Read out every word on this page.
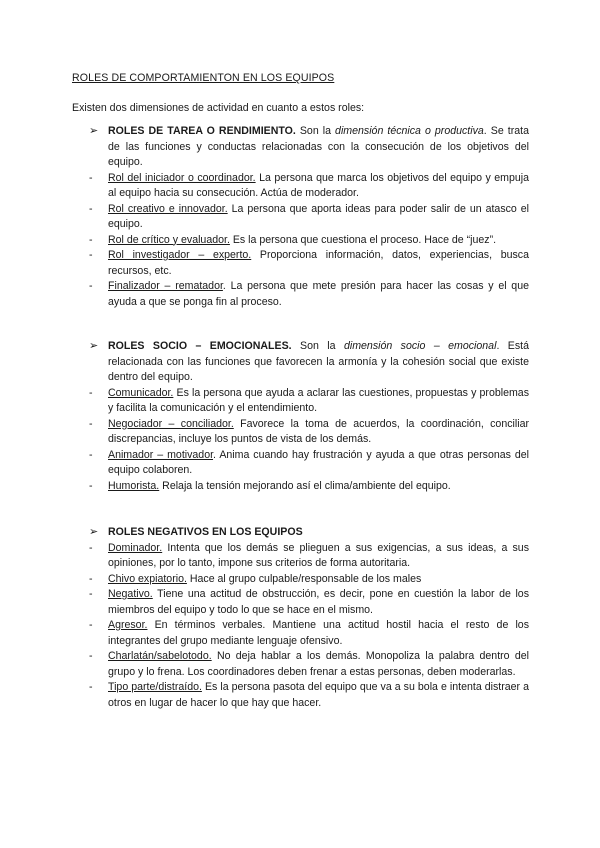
ROLES DE COMPORTAMIENTON EN LOS EQUIPOS
Existen dos dimensiones de actividad en cuanto a estos roles:
➢ ROLES DE TAREA O RENDIMIENTO. Son la dimensión técnica o productiva. Se trata de las funciones y conductas relacionadas con la consecución de los objetivos del equipo.
- Rol del iniciador o coordinador. La persona que marca los objetivos del equipo y empuja al equipo hacia su consecución. Actúa de moderador.
- Rol creativo e innovador. La persona que aporta ideas para poder salir de un atasco el equipo.
- Rol de crítico y evaluador. Es la persona que cuestiona el proceso. Hace de “juez”.
- Rol investigador – experto. Proporciona información, datos, experiencias, busca recursos, etc.
- Finalizador – rematador. La persona que mete presión para hacer las cosas y el que ayuda a que se ponga fin al proceso.
➢ ROLES SOCIO – EMOCIONALES. Son la dimensión socio – emocional. Está relacionada con las funciones que favorecen la armonía y la cohesión social que existe dentro del equipo.
- Comunicador. Es la persona que ayuda a aclarar las cuestiones, propuestas y problemas y facilita la comunicación y el entendimiento.
- Negociador – conciliador. Favorece la toma de acuerdos, la coordinación, conciliar discrepancias, incluye los puntos de vista de los demás.
- Animador – motivador. Anima cuando hay frustración y ayuda a que otras personas del equipo colaboren.
- Humorista. Relaja la tensión mejorando así el clima/ambiente del equipo.
➢ ROLES NEGATIVOS EN LOS EQUIPOS
- Dominador. Intenta que los demás se plieguen a sus exigencias, a sus ideas, a sus opiniones, por lo tanto, impone sus criterios de forma autoritaria.
- Chivo expiatorio. Hace al grupo culpable/responsable de los males
- Negativo. Tiene una actitud de obstrucción, es decir, pone en cuestión la labor de los miembros del equipo y todo lo que se hace en el mismo.
- Agresor. En términos verbales. Mantiene una actitud hostil hacia el resto de los integrantes del grupo mediante lenguaje ofensivo.
- Charlatán/sabelotodo. No deja hablar a los demás. Monopoliza la palabra dentro del grupo y lo frena. Los coordinadores deben frenar a estas personas, deben moderarlas.
- Tipo parte/distraído. Es la persona pasota del equipo que va a su bola e intenta distraer a otros en lugar de hacer lo que hay que hacer.
